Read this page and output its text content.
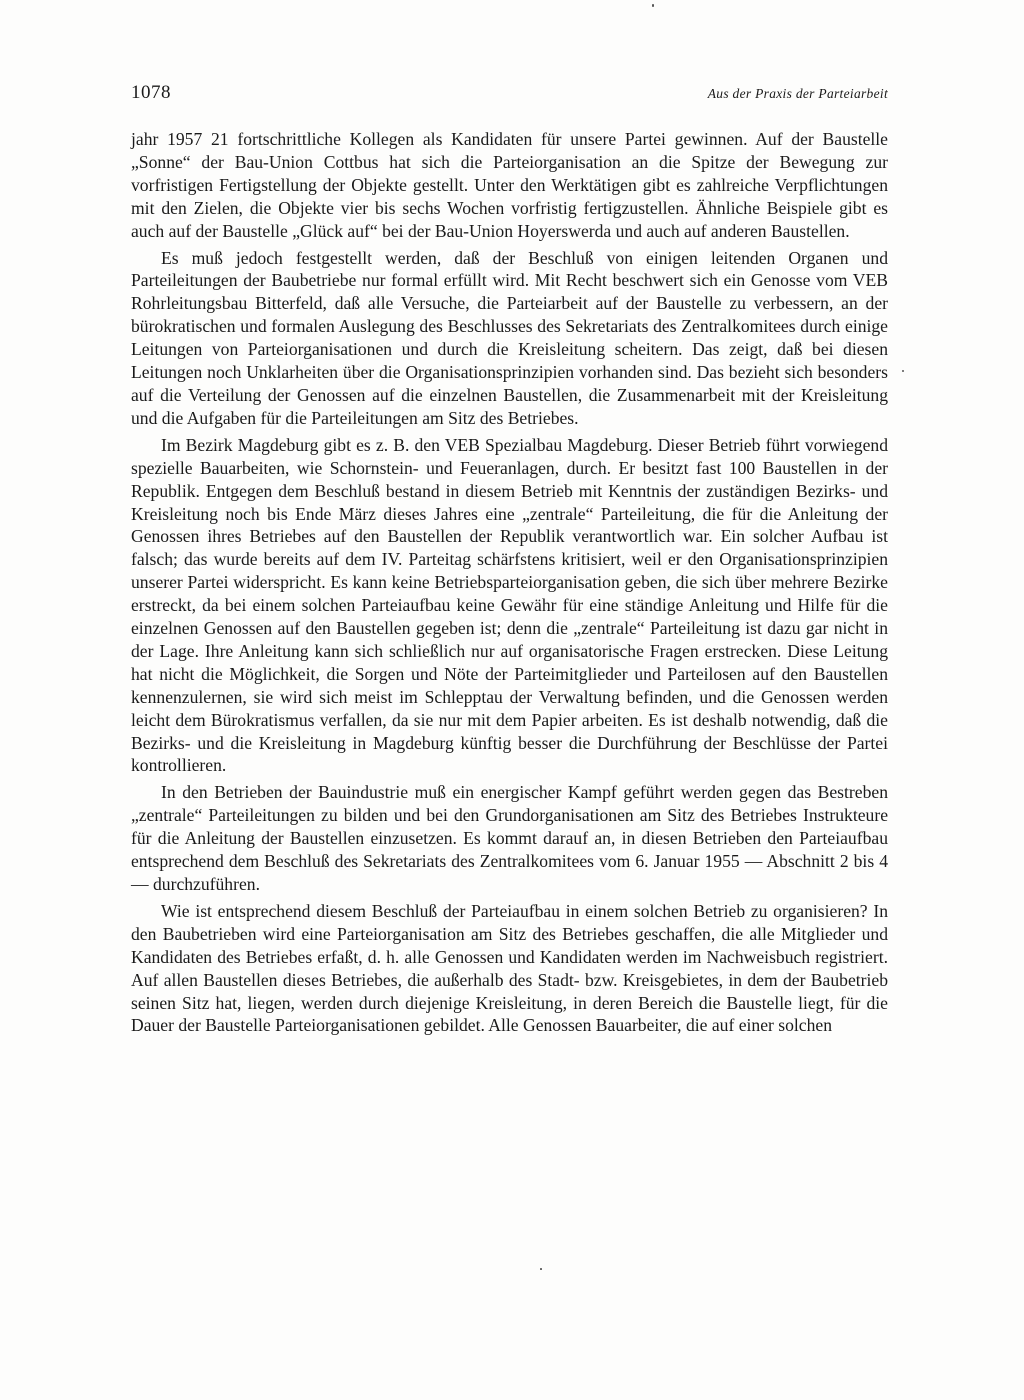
1078	Aus der Praxis der Parteiarbeit

jahr 1957 21 fortschrittliche Kollegen als Kandidaten für unsere Partei gewinnen. Auf der Baustelle „Sonne“ der Bau-Union Cottbus hat sich die Parteiorganisation an die Spitze der Bewegung zur vorfristigen Fertigstellung der Objekte gestellt. Unter den Werktätigen gibt es zahlreiche Verpflichtungen mit den Zielen, die Objekte vier bis sechs Wochen vorfristig fertigzustellen. Ähnliche Beispiele gibt es auch auf der Baustelle „Glück auf“ bei der Bau-Union Hoyerswerda und auch auf anderen Baustellen.

Es muß jedoch festgestellt werden, daß der Beschluß von einigen leitenden Organen und Parteileitungen der Baubetriebe nur formal erfüllt wird. Mit Recht beschwert sich ein Genosse vom VEB Rohrleitungsbau Bitterfeld, daß alle Versuche, die Parteiarbeit auf der Baustelle zu verbessern, an der bürokratischen und formalen Auslegung des Beschlusses des Sekretariats des Zentralkomitees durch einige Leitungen von Parteiorganisationen und durch die Kreisleitung scheitern. Das zeigt, daß bei diesen Leitungen noch Unklarheiten über die Organisationsprinzipien vorhanden sind. Das bezieht sich besonders auf die Verteilung der Genossen auf die einzelnen Baustellen, die Zusammenarbeit mit der Kreisleitung und die Aufgaben für die Parteileitungen am Sitz des Betriebes.

Im Bezirk Magdeburg gibt es z. B. den VEB Spezialbau Magdeburg. Dieser Betrieb führt vorwiegend spezielle Bauarbeiten, wie Schornstein- und Feueranlagen, durch. Er besitzt fast 100 Baustellen in der Republik. Entgegen dem Beschluß bestand in diesem Betrieb mit Kenntnis der zuständigen Bezirks- und Kreisleitung noch bis Ende März dieses Jahres eine „zentrale“ Parteileitung, die für die Anleitung der Genossen ihres Betriebes auf den Baustellen der Republik verantwortlich war. Ein solcher Aufbau ist falsch; das wurde bereits auf dem IV. Parteitag schärfstens kritisiert, weil er den Organisationsprinzipien unserer Partei widerspricht. Es kann keine Betriebsparteiorganisation geben, die sich über mehrere Bezirke erstreckt, da bei einem solchen Parteiaufbau keine Gewähr für eine ständige Anleitung und Hilfe für die einzelnen Genossen auf den Baustellen gegeben ist; denn die „zentrale“ Parteileitung ist dazu gar nicht in der Lage. Ihre Anleitung kann sich schließlich nur auf organisatorische Fragen erstrecken. Diese Leitung hat nicht die Möglichkeit, die Sorgen und Nöte der Parteimitglieder und Parteilosen auf den Baustellen kennenzulernen, sie wird sich meist im Schlepptau der Verwaltung befinden, und die Genossen werden leicht dem Bürokratismus verfallen, da sie nur mit dem Papier arbeiten. Es ist deshalb notwendig, daß die Bezirks- und die Kreisleitung in Magdeburg künftig besser die Durchführung der Beschlüsse der Partei kontrollieren.

In den Betrieben der Bauindustrie muß ein energischer Kampf geführt werden gegen das Bestreben „zentrale“ Parteileitungen zu bilden und bei den Grundorganisationen am Sitz des Betriebes Instrukteure für die Anleitung der Baustellen einzusetzen. Es kommt darauf an, in diesen Betrieben den Parteiaufbau entsprechend dem Beschluß des Sekretariats des Zentralkomitees vom 6. Januar 1955 — Abschnitt 2 bis 4 — durchzuführen.

Wie ist entsprechend diesem Beschluß der Parteiaufbau in einem solchen Betrieb zu organisieren? In den Baubetrieben wird eine Parteiorganisation am Sitz des Betriebes geschaffen, die alle Mitglieder und Kandidaten des Betriebes erfaßt, d. h. alle Genossen und Kandidaten werden im Nachweisbuch registriert. Auf allen Baustellen dieses Betriebes, die außerhalb des Stadt- bzw. Kreisgebietes, in dem der Baubetrieb seinen Sitz hat, liegen, werden durch diejenige Kreisleitung, in deren Bereich die Baustelle liegt, für die Dauer der Baustelle Parteiorganisationen gebildet. Alle Genossen Bauarbeiter, die auf einer solchen
